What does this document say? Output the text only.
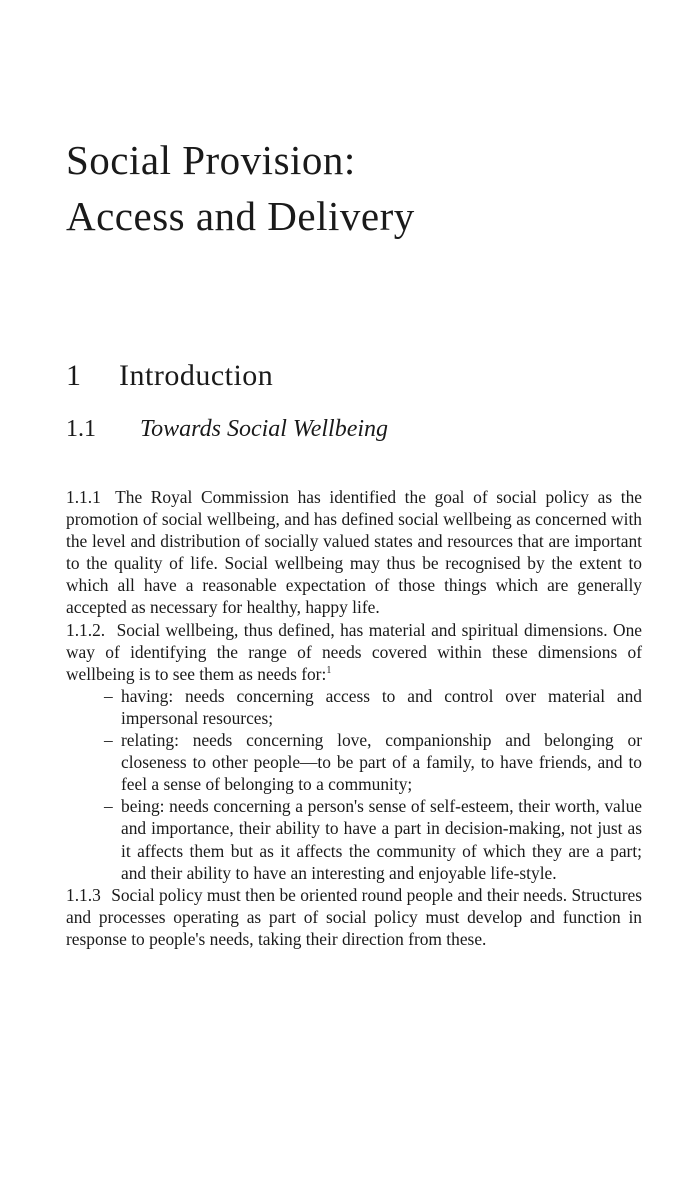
Social Provision:
Access and Delivery
1 Introduction
1.1 Towards Social Wellbeing

1.1.1 The Royal Commission has identified the goal of social policy as the promotion of social wellbeing, and has defined social wellbeing as concerned with the level and distribution of socially valued states and resources that are important to the quality of life. Social wellbeing may thus be recognised by the extent to which all have a reasonable expectation of those things which are generally accepted as necessary for healthy, happy life.

1.1.2. Social wellbeing, thus defined, has material and spiritual dimensions. One way of identifying the range of needs covered within these dimensions of wellbeing is to see them as needs for:$^1$

– having: needs concerning access to and control over material and impersonal resources;
– relating: needs concerning love, companionship and belonging or closeness to other people—to be part of a family, to have friends, and to feel a sense of belonging to a community;
– being: needs concerning a person's sense of self-esteem, their worth, value and importance, their ability to have a part in decision-making, not just as it affects them but as it affects the community of which they are a part; and their ability to have an interesting and enjoyable life-style.

1.1.3 Social policy must then be oriented round people and their needs. Structures and processes operating as part of social policy must develop and function in response to people's needs, taking their direction from these.
